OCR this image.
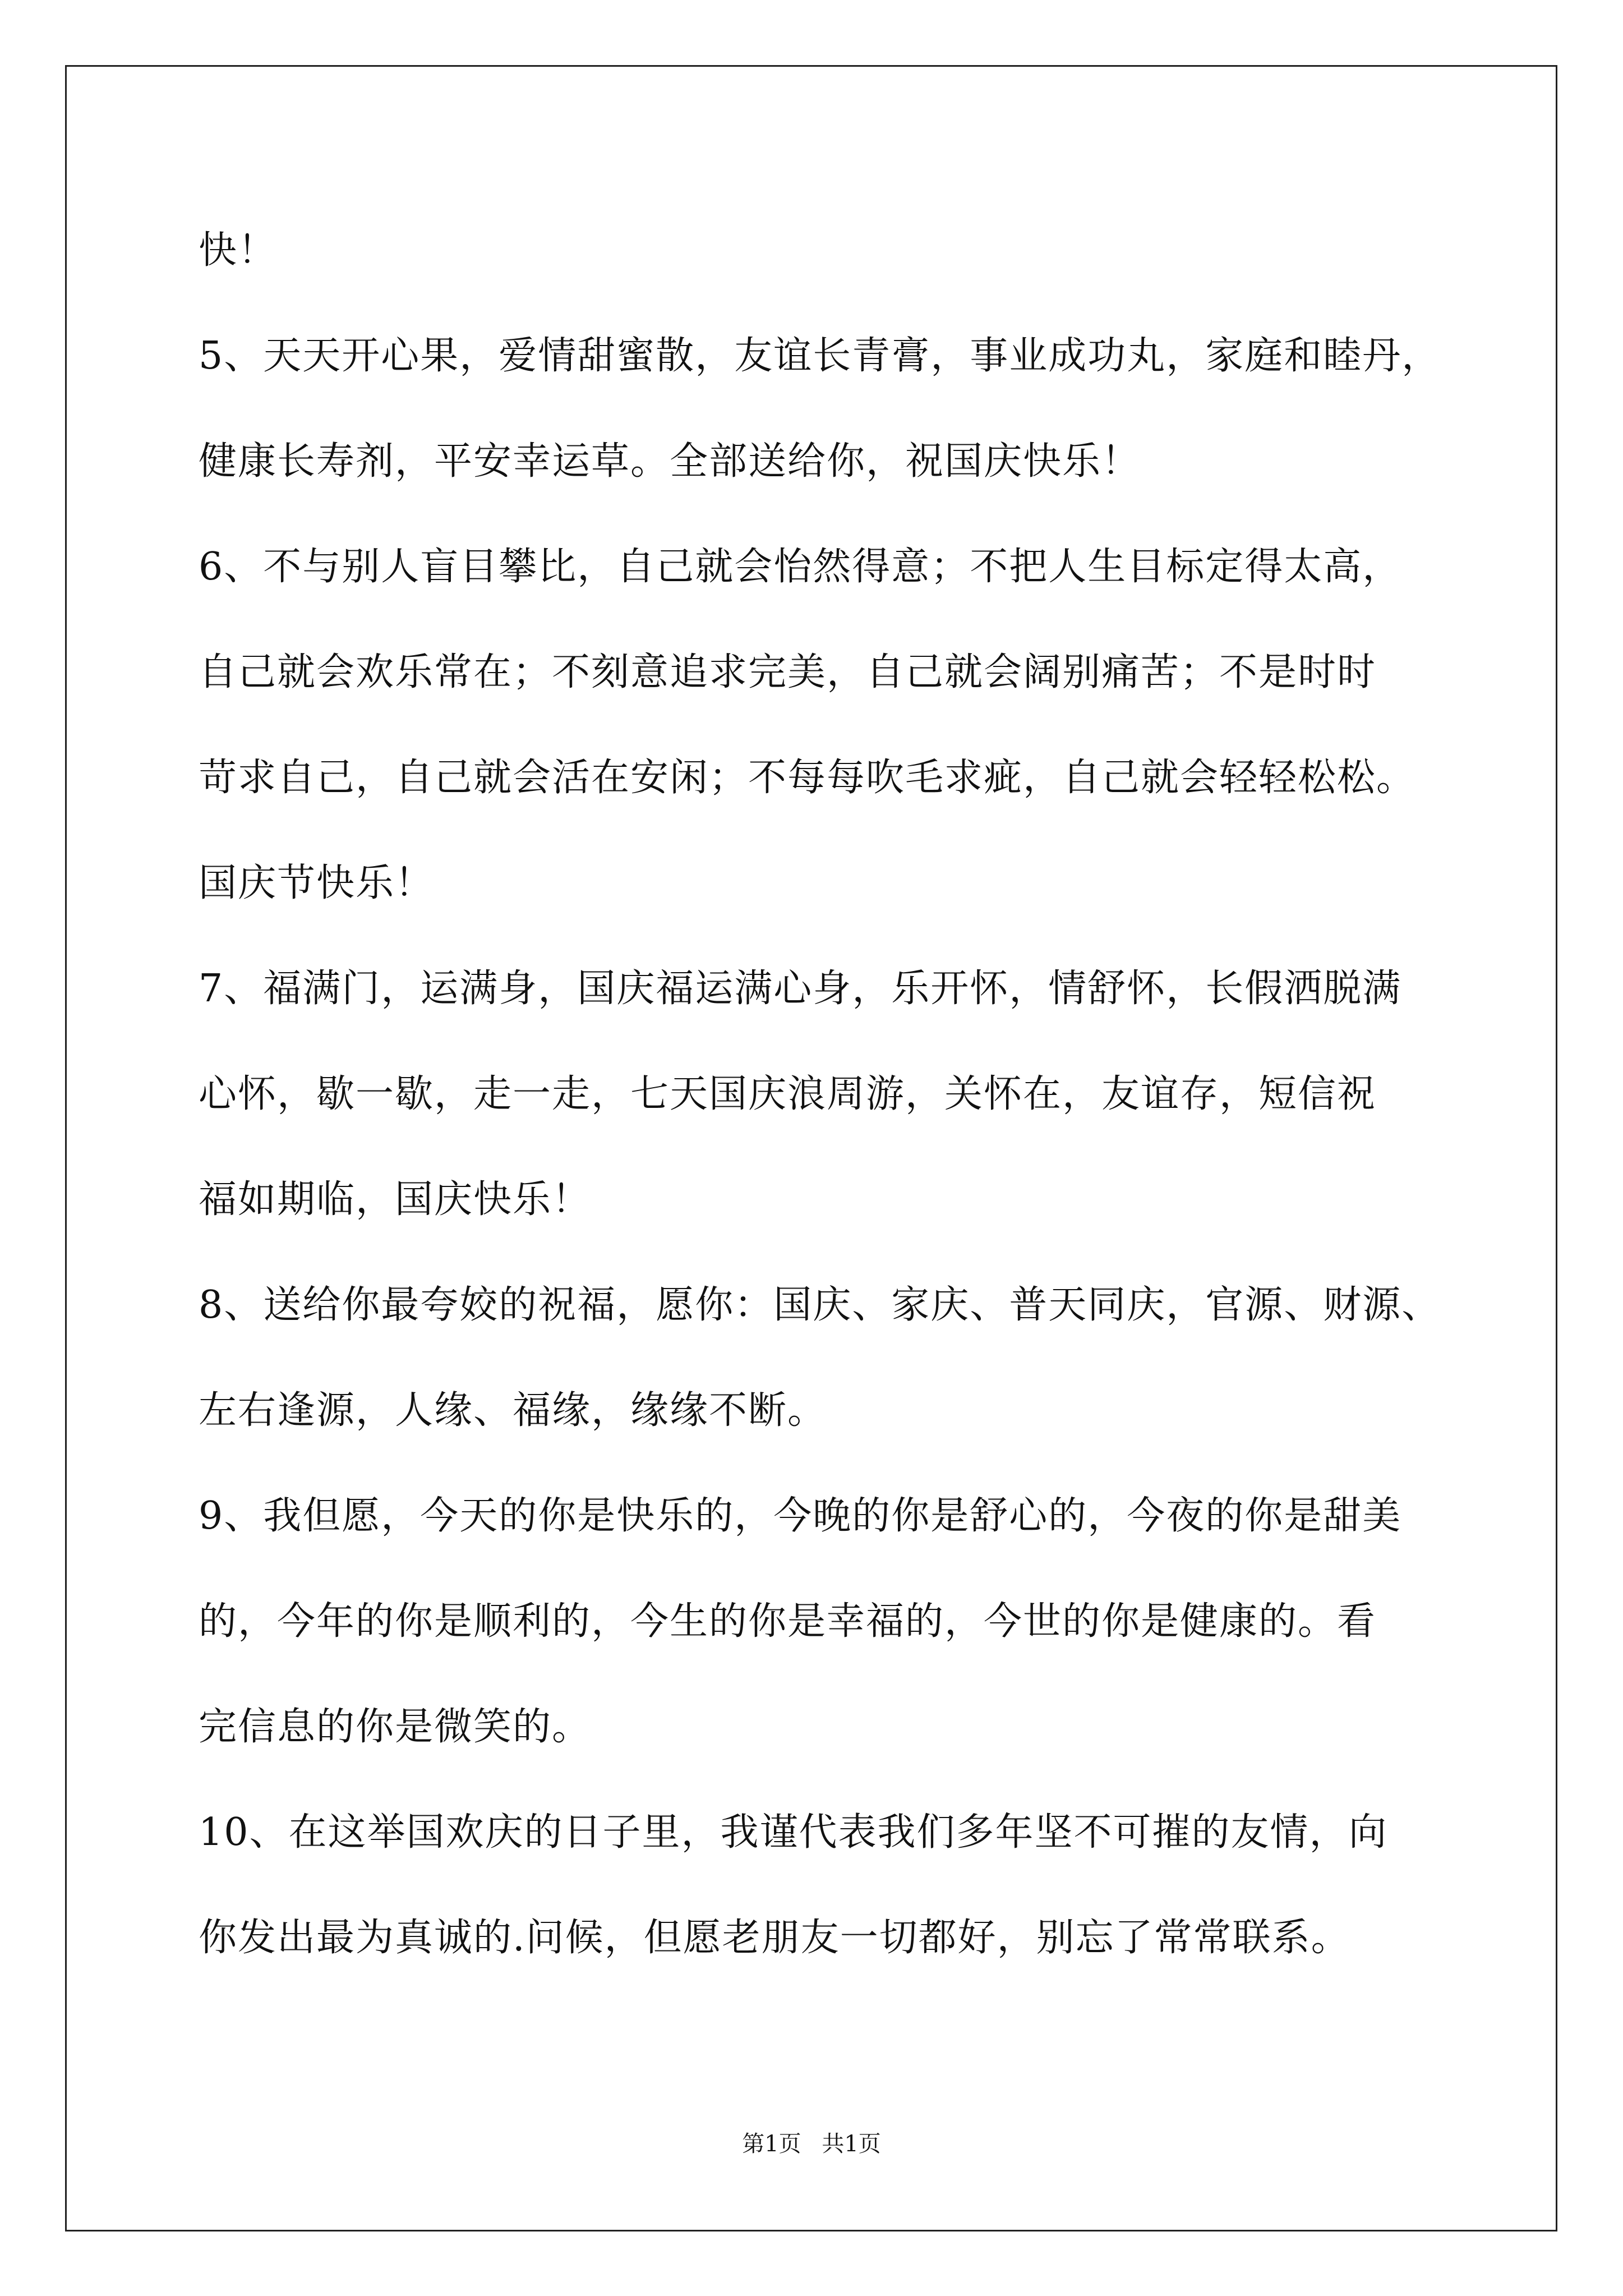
快！
5、天天开心果，爱情甜蜜散，友谊长青膏，事业成功丸，家庭和睦丹，
健康长寿剂，平安幸运草。全部送给你，祝国庆快乐！
6、不与别人盲目攀比，自己就会怡然得意；不把人生目标定得太高，
自己就会欢乐常在；不刻意追求完美，自己就会阔别痛苦；不是时时
苛求自己，自己就会活在安闲；不每每吹毛求疵，自己就会轻轻松松。
国庆节快乐！
7、福满门，运满身，国庆福运满心身，乐开怀，情舒怀，长假洒脱满
心怀，歇一歇，走一走，七天国庆浪周游，关怀在，友谊存，短信祝
福如期临，国庆快乐！
8、送给你最夸姣的祝福，愿你：国庆、家庆、普天同庆，官源、财源、
左右逢源，人缘、福缘，缘缘不断。
9、我但愿，今天的你是快乐的，今晚的你是舒心的，今夜的你是甜美
的，今年的你是顺利的，今生的你是幸福的，今世的你是健康的。看
完信息的你是微笑的。
10、在这举国欢庆的日子里，我谨代表我们多年坚不可摧的友情，向
你发出最为真诚的.问候，但愿老朋友一切都好，别忘了常常联系。
第1页 共1页
